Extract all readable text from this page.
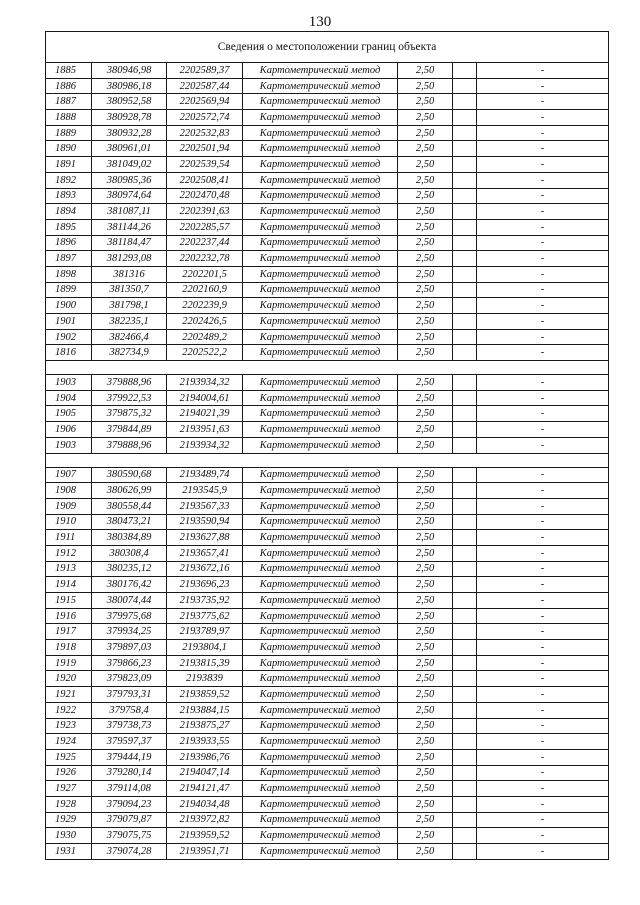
130
Сведения о местоположении границ объекта						
1885	380946,98	2202589,37	Картометрический метод	2,50		-
1886	380986,18	2202587,44	Картометрический метод	2,50		-
1887	380952,58	2202569,94	Картометрический метод	2,50		-
1888	380928,78	2202572,74	Картометрический метод	2,50		-
1889	380932,28	2202532,83	Картометрический метод	2,50		-
1890	380961,01	2202501,94	Картометрический метод	2,50		-
1891	381049,02	2202539,54	Картометрический метод	2,50		-
1892	380985,36	2202508,41	Картометрический метод	2,50		-
1893	380974,64	2202470,48	Картометрический метод	2,50		-
1894	381087,11	2202391,63	Картометрический метод	2,50		-
1895	381144,26	2202285,57	Картометрический метод	2,50		-
1896	381184,47	2202237,44	Картометрический метод	2,50		-
1897	381293,08	2202232,78	Картометрический метод	2,50		-
1898	381316	2202201,5	Картометрический метод	2,50		-
1899	381350,7	2202160,9	Картометрический метод	2,50		-
1900	381798,1	2202239,9	Картометрический метод	2,50		-
1901	382235,1	2202426,5	Картометрический метод	2,50		-
1902	382466,4	2202489,2	Картометрический метод	2,50		-
1816	382734,9	2202522,2	Картометрический метод	2,50		-

1903	379888,96	2193934,32	Картометрический метод	2,50		-
1904	379922,53	2194004,61	Картометрический метод	2,50		-
1905	379875,32	2194021,39	Картометрический метод	2,50		-
1906	379844,89	2193951,63	Картометрический метод	2,50		-
1903	379888,96	2193934,32	Картометрический метод	2,50		-

1907	380590,68	2193489,74	Картометрический метод	2,50		-
1908	380626,99	2193545,9	Картометрический метод	2,50		-
1909	380558,44	2193567,33	Картометрический метод	2,50		-
1910	380473,21	2193590,94	Картометрический метод	2,50		-
1911	380384,89	2193627,88	Картометрический метод	2,50		-
1912	380308,4	2193657,41	Картометрический метод	2,50		-
1913	380235,12	2193672,16	Картометрический метод	2,50		-
1914	380176,42	2193696,23	Картометрический метод	2,50		-
1915	380074,44	2193735,92	Картометрический метод	2,50		-
1916	379975,68	2193775,62	Картометрический метод	2,50		-
1917	379934,25	2193789,97	Картометрический метод	2,50		-
1918	379897,03	2193804,1	Картометрический метод	2,50		-
1919	379866,23	2193815,39	Картометрический метод	2,50		-
1920	379823,09	2193839	Картометрический метод	2,50		-
1921	379793,31	2193859,52	Картометрический метод	2,50		-
1922	379758,4	2193884,15	Картометрический метод	2,50		-
1923	379738,73	2193875,27	Картометрический метод	2,50		-
1924	379597,37	2193933,55	Картометрический метод	2,50		-
1925	379444,19	2193986,76	Картометрический метод	2,50		-
1926	379280,14	2194047,14	Картометрический метод	2,50		-
1927	379114,08	2194121,47	Картометрический метод	2,50		-
1928	379094,23	2194034,48	Картометрический метод	2,50		-
1929	379079,87	2193972,82	Картометрический метод	2,50		-
1930	379075,75	2193959,52	Картометрический метод	2,50		-
1931	379074,28	2193951,71	Картометрический метод	2,50		-
